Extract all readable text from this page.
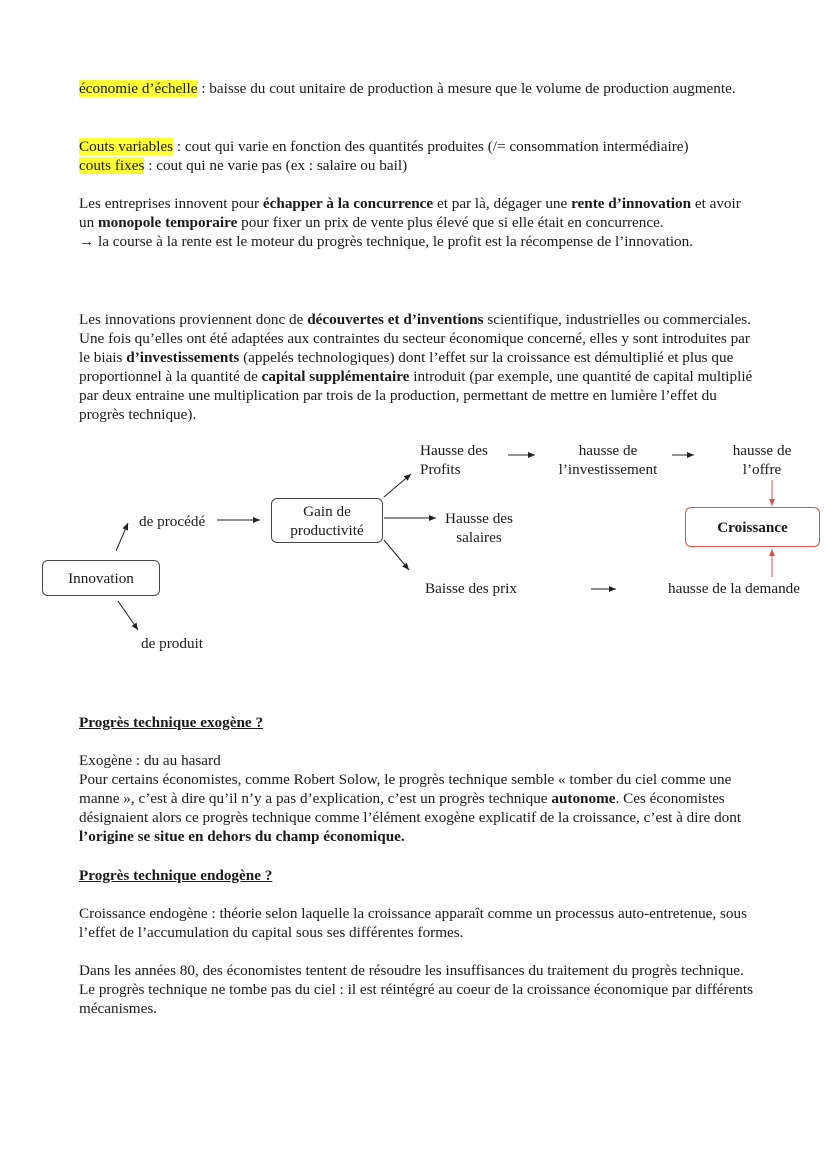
économie d’échelle : baisse du cout unitaire de production à mesure que le volume de production augmente.
Couts variables : cout qui varie en fonction des quantités produites (/= consommation intermédiaire)
couts fixes : cout qui ne varie pas (ex : salaire ou bail)
Les entreprises innovent pour échapper à la concurrence et par là, dégager une rente d’innovation et avoir un monopole temporaire pour fixer un prix de vente plus élevé que si elle était en concurrence.
→ la course à la rente est le moteur du progrès technique, le profit est la récompense de l’innovation.
Les innovations proviennent donc de découvertes et d’inventions scientifique, industrielles ou commerciales. Une fois qu’elles ont été adaptées aux contraintes du secteur économique concerné, elles y sont introduites par le biais d’investissements (appelés technologiques) dont l’effet sur la croissance est démultiplié et plus que proportionnel à la quantité de capital supplémentaire introduit (par exemple, une quantité de capital multiplié par deux entraine une multiplication par trois de la production, permettant de mettre en lumière l’effet du progrès technique).
Innovation
de procédé
de produit
Gain de
productivité
Hausse des
Profits
hausse de
l’investissement
hausse de
l’offre
Hausse des
salaires
Croissance
Baisse des prix	hausse de la demande
Progrès technique exogène ?
Exogène : du au hasard
Pour certains économistes, comme Robert Solow, le progrès technique semble « tomber du ciel comme une manne », c’est à dire qu’il n’y a pas d’explication, c’est un progrès technique autonome. Ces économistes désignaient alors ce progrès technique comme l’élément exogène explicatif de la croissance, c’est à dire dont l’origine se situe en dehors du champ économique.
Progrès technique endogène ?
Croissance endogène : théorie selon laquelle la croissance apparaît comme un processus auto-entretenue, sous l’effet de l’accumulation du capital sous ses différentes formes.
Dans les années 80, des économistes tentent de résoudre les insuffisances du traitement du progrès technique. Le progrès technique ne tombe pas du ciel : il est réintégré au coeur de la croissance économique par différents mécanismes.
